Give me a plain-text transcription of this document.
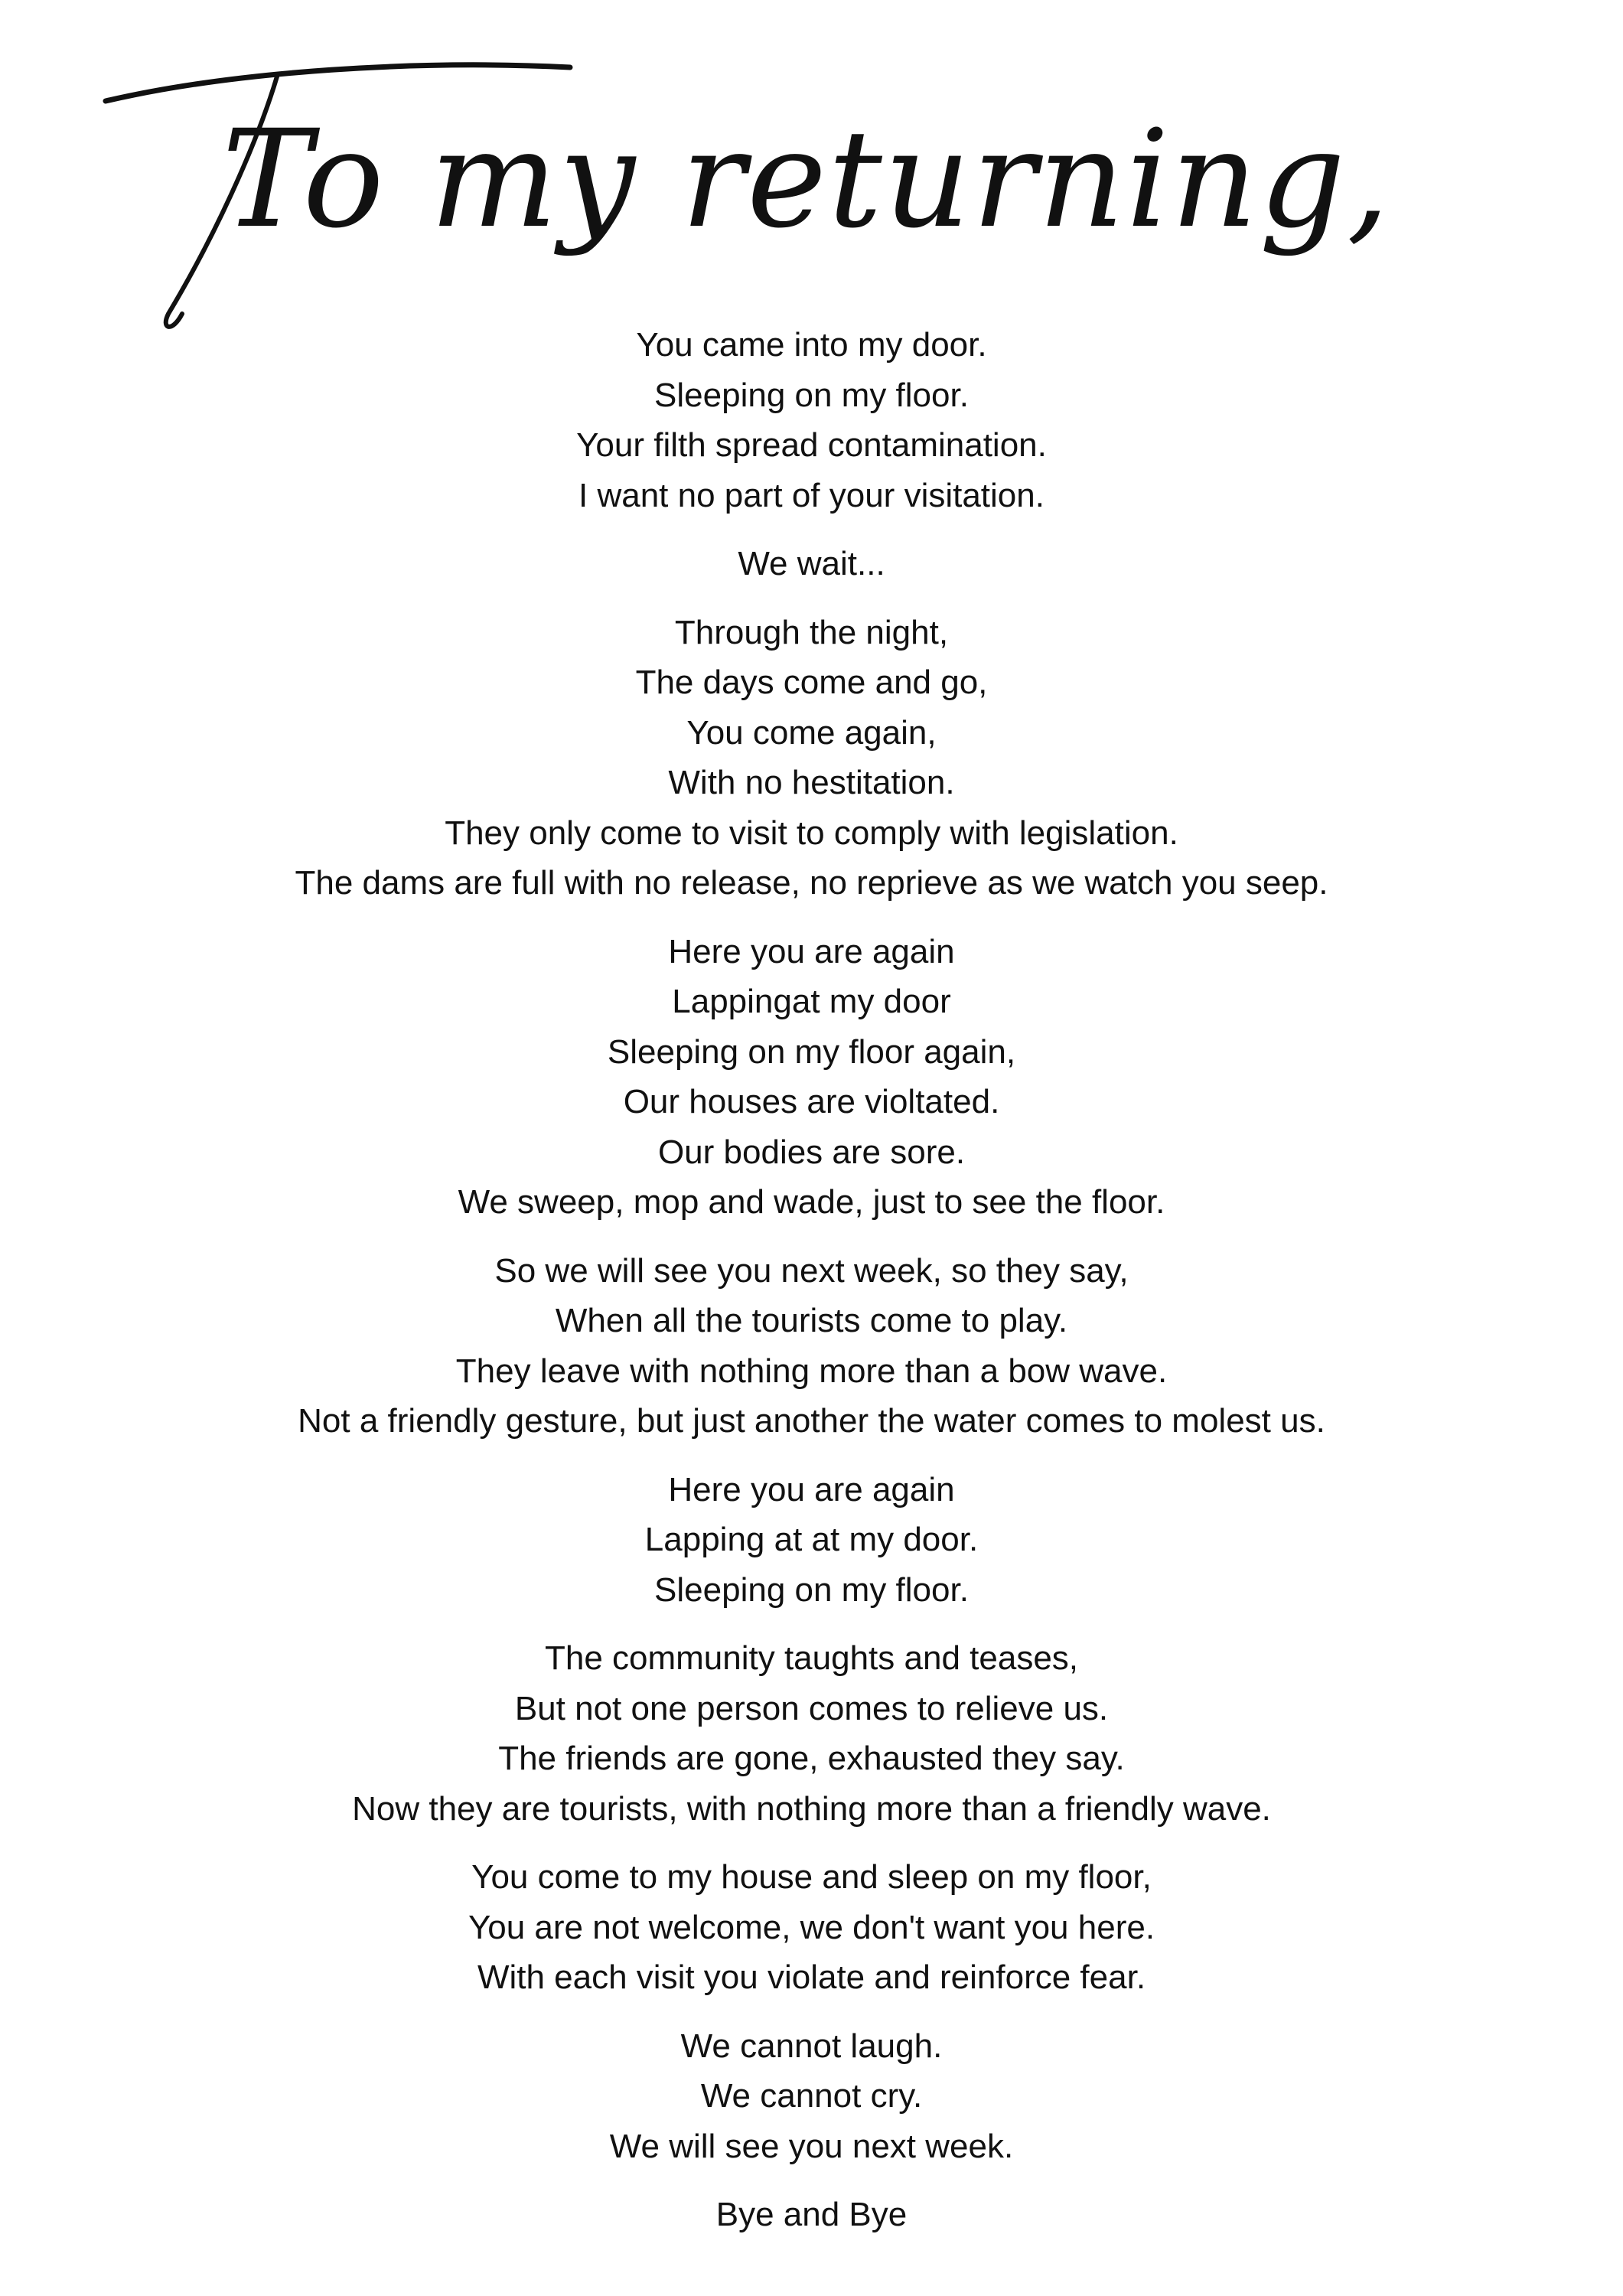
To my returning,

You came into my door.
Sleeping on my floor.
Your filth spread contamination.
I want no part of your visitation.

We wait...

Through the night,
The days come and go,
You come again,
With no hestitation.
They only come to visit to comply with legislation.
The dams are full with no release, no reprieve as we watch you seep.

Here you are again
Lappingat my door
Sleeping on my floor again,
Our houses are violtated.
Our bodies are sore.
We sweep, mop and wade, just to see the floor.

So we will see you next week, so they say,
When all the tourists come to play.
They leave with nothing more than a bow wave.
Not a friendly gesture, but just another the water comes to molest us.

Here you are again
Lapping at at my door.
Sleeping on my floor.

The community taughts and teases,
But not one person comes to relieve us.
The friends are gone, exhausted they say.
Now they are tourists, with nothing more than a friendly wave.

You come to my house and sleep on my floor,
You are not welcome, we don't want you here.
With each visit you violate and reinforce fear.

We cannot laugh.
We cannot cry.
We will see you next week.

Bye and Bye
